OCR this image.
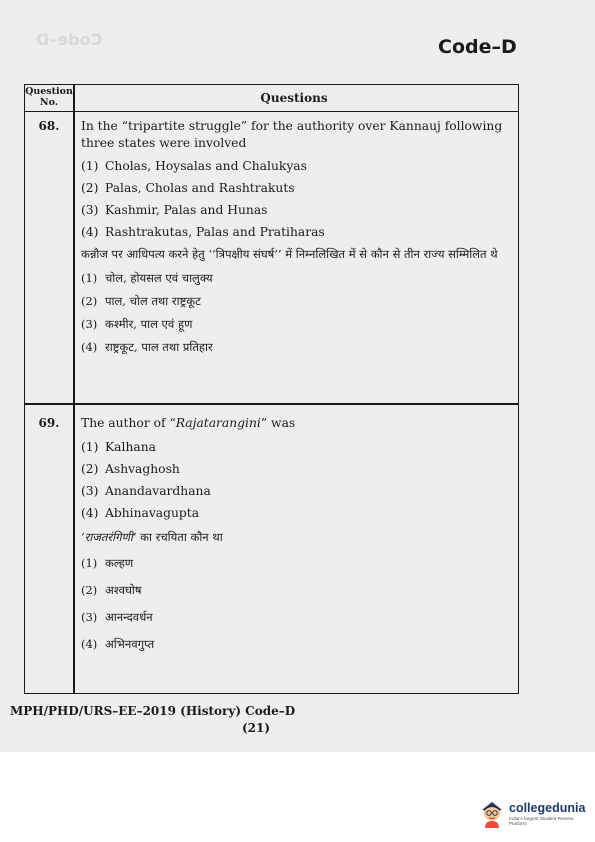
Code–D	Code–D
Question No.	Questions
68.	In the “tripartite struggle” for the authority over Kannauj following three states were involved
(1) Cholas, Hoysalas and Chalukyas
(2) Palas, Cholas and Rashtrakuts
(3) Kashmir, Palas and Hunas
(4) Rashtrakutas, Palas and Pratiharas
कन्नौज पर आधिपत्य करने हेतु ‘‘त्रिपक्षीय संघर्ष’’ में निम्नलिखित में से कौन से तीन राज्य सम्मिलित थे
(1) चोल, होयसल एवं चालुक्य
(2) पाल, चोल तथा राष्ट्रकूट
(3) कश्मीर, पाल एवं हूण
(4) राष्ट्रकूट, पाल तथा प्रतिहार
69.	The author of “Rajatarangini” was
(1) Kalhana
(2) Ashvaghosh
(3) Anandavardhana
(4) Abhinavagupta
‘राजतरंगिणी’ का रचयिता कौन था
(1) कल्हण
(2) अश्वघोष
(3) आनन्दवर्धन
(4) अभिनवगुप्त
MPH/PHD/URS–EE–2019 (History) Code–D
(21)
collegedunia
India's largest Student Review Platform
